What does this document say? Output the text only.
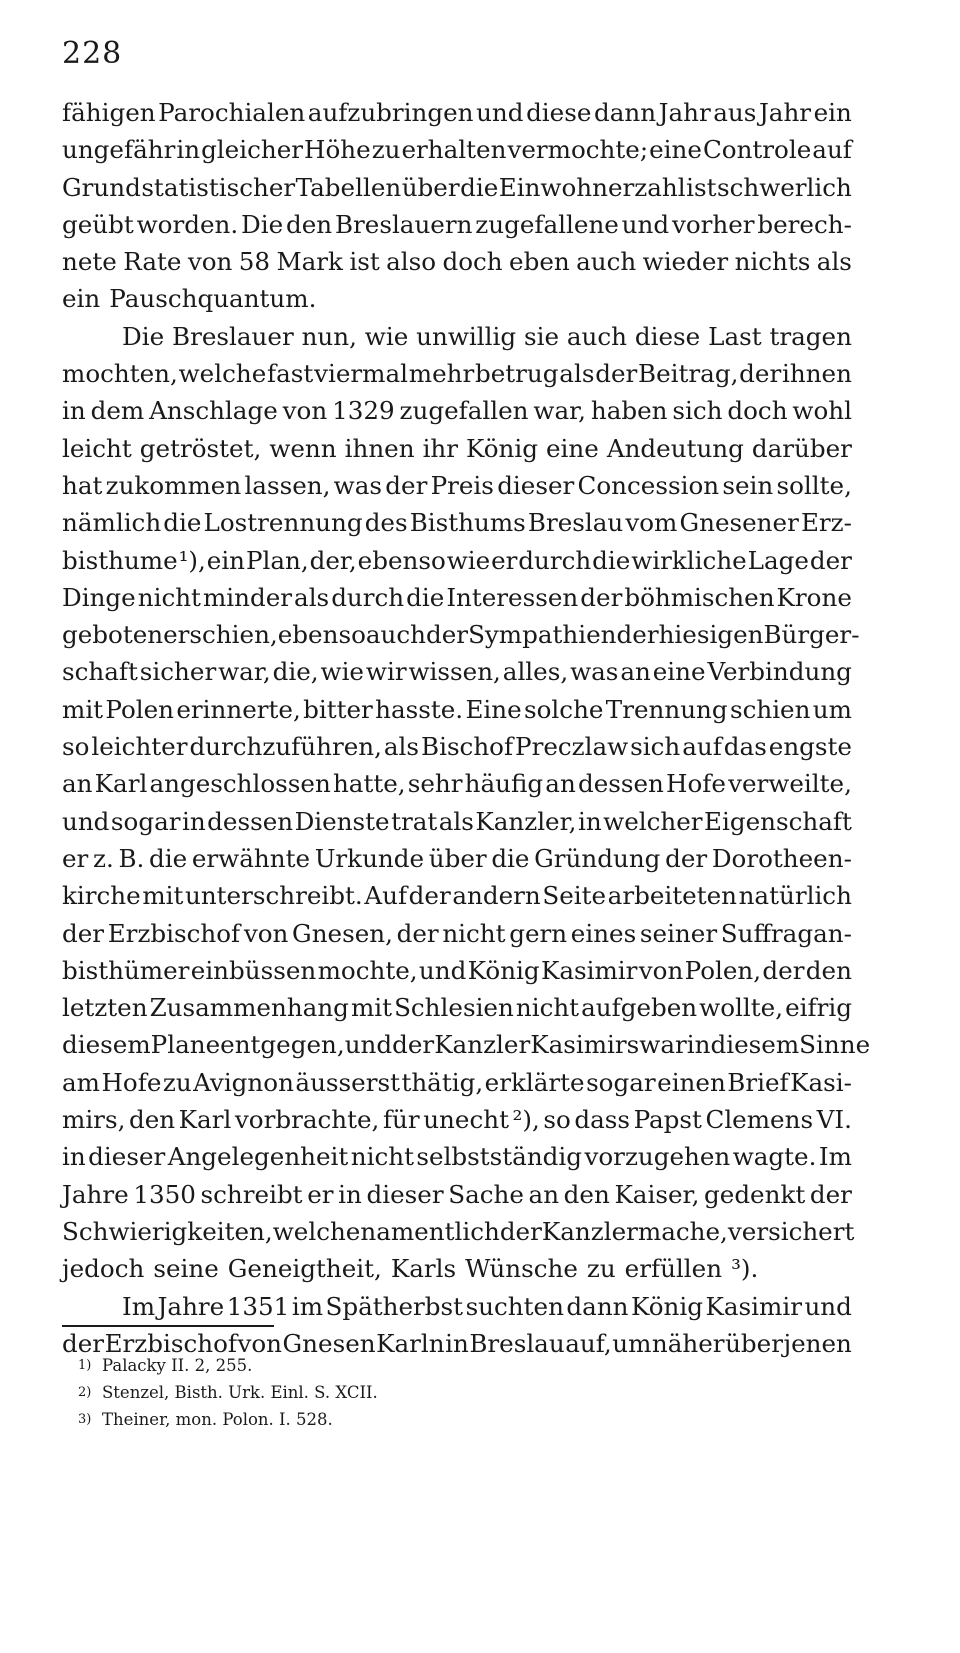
228
fähigen Parochialen aufzubringen und diese dann Jahr aus Jahr ein
ungefähr in gleicher Höhe zu erhalten vermochte; eine Controle auf
Grund statistischer Tabellen über die Einwohnerzahl ist schwerlich
geübt worden. Die den Breslauern zugefallene und vorher berech-
nete Rate von 58 Mark ist also doch eben auch wieder nichts als
ein Pauschquantum.
Die Breslauer nun, wie unwillig sie auch diese Last tragen
mochten, welche fast viermal mehr betrug als der Beitrag, der ihnen
in dem Anschlage von 1329 zugefallen war, haben sich doch wohl
leicht getröstet, wenn ihnen ihr König eine Andeutung darüber
hat zukommen lassen, was der Preis dieser Concession sein sollte,
nämlich die Lostrennung des Bisthums Breslau vom Gnesener Erz-
bisthume ¹), ein Plan, der, ebenso wie er durch die wirkliche Lage der
Dinge nicht minder als durch die Interessen der böhmischen Krone
geboten erschien, ebenso auch der Sympathien der hiesigen Bürger-
schaft sicher war, die, wie wir wissen, alles, was an eine Verbindung
mit Polen erinnerte, bitter hasste. Eine solche Trennung schien um
so leichter durchzuführen, als Bischof Preczlaw sich auf das engste
an Karl angeschlossen hatte, sehr häufig an dessen Hofe verweilte,
und sogar in dessen Dienste trat als Kanzler, in welcher Eigenschaft
er z. B. die erwähnte Urkunde über die Gründung der Dorotheen-
kirche mit unterschreibt. Auf der andern Seite arbeiteten natürlich
der Erzbischof von Gnesen, der nicht gern eines seiner Suffragan-
bisthümer einbüssen mochte, und König Kasimir von Polen, der den
letzten Zusammenhang mit Schlesien nicht aufgeben wollte, eifrig
diesem Plane entgegen, und der Kanzler Kasimirs war in diesem Sinne
am Hofe zu Avignon äusserst thätig, erklärte sogar einen Brief Kasi-
mirs, den Karl vorbrachte, für unecht ²), so dass Papst Clemens VI.
in dieser Angelegenheit nicht selbstständig vorzugehen wagte. Im
Jahre 1350 schreibt er in dieser Sache an den Kaiser, gedenkt der
Schwierigkeiten, welche namentlich der Kanzler mache, versichert
jedoch seine Geneigtheit, Karls Wünsche zu erfüllen ³).
Im Jahre 1351 im Spätherbst suchten dann König Kasimir und
der Erzbischof von Gnesen Karln in Breslau auf, um näher über jenen
1) Palacky II. 2, 255.
2) Stenzel, Bisth. Urk. Einl. S. XCII.
3) Theiner, mon. Polon. I. 528.
